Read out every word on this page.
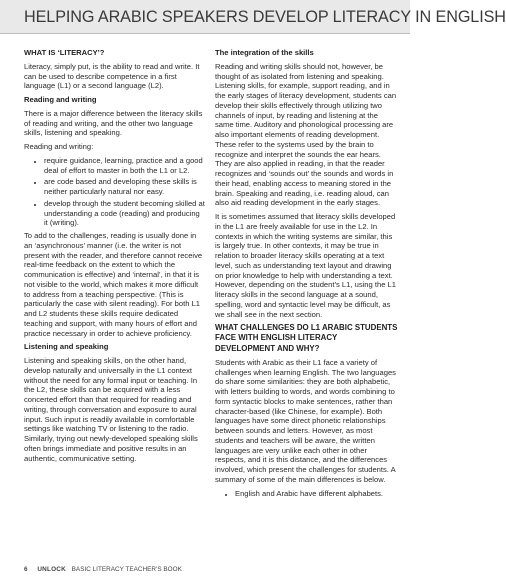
HELPING ARABIC SPEAKERS DEVELOP LITERACY IN ENGLISH

WHAT IS ‘LITERACY’?

Literacy, simply put, is the ability to read and write. It can be used to describe competence in a first language (L1) or a second language (L2).

Reading and writing

There is a major difference between the literacy skills of reading and writing, and the other two language skills, listening and speaking.

Reading and writing:

• require guidance, learning, practice and a good deal of effort to master in both the L1 or L2.
• are code based and developing these skills is neither particularly natural nor easy.
• develop through the student becoming skilled at understanding a code (reading) and producing it (writing).

To add to the challenges, reading is usually done in an ‘asynchronous’ manner (i.e. the writer is not present with the reader, and therefore cannot receive real-time feedback on the extent to which the communication is effective) and ‘internal’, in that it is not visible to the world, which makes it more difficult to address from a teaching perspective. (This is particularly the case with silent reading). For both L1 and L2 students these skills require dedicated teaching and support, with many hours of effort and practice necessary in order to achieve proficiency.

Listening and speaking

Listening and speaking skills, on the other hand, develop naturally and universally in the L1 context without the need for any formal input or teaching. In the L2, these skills can be acquired with a less concerted effort than that required for reading and writing, through conversation and exposure to aural input. Such input is readily available in comfortable settings like watching TV or listening to the radio. Similarly, trying out newly-developed speaking skills often brings immediate and positive results in an authentic, communicative setting.

The integration of the skills

Reading and writing skills should not, however, be thought of as isolated from listening and speaking. Listening skills, for example, support reading, and in the early stages of literacy development, students can develop their skills effectively through utilizing two channels of input, by reading and listening at the same time. Auditory and phonological processing are also important elements of reading development. These refer to the systems used by the brain to recognize and interpret the sounds the ear hears. They are also applied in reading, in that the reader recognizes and ‘sounds out’ the sounds and words in their head, enabling access to meaning stored in the brain. Speaking and reading, i.e. reading aloud, can also aid reading development in the early stages.

It is sometimes assumed that literacy skills developed in the L1 are freely available for use in the L2. In contexts in which the writing systems are similar, this is largely true. In other contexts, it may be true in relation to broader literacy skills operating at a text level, such as understanding text layout and drawing on prior knowledge to help with understanding a text. However, depending on the student’s L1, using the L1 literacy skills in the second language at a sound, spelling, word and syntactic level may be difficult, as we shall see in the next section.

WHAT CHALLENGES DO L1 ARABIC STUDENTS FACE WITH ENGLISH LITERACY DEVELOPMENT AND WHY?

Students with Arabic as their L1 face a variety of challenges when learning English. The two languages do share some similarities: they are both alphabetic, with letters building to words, and words combining to form syntactic blocks to make sentences, rather than character-based (like Chinese, for example). Both languages have some direct phonetic relationships between sounds and letters. However, as most students and teachers will be aware, the written languages are very unlike each other in other respects, and it is this distance, and the differences involved, which present the challenges for students. A summary of some of the main differences is below.

• English and Arabic have different alphabets.
6 UNLOCK BASIC LITERACY TEACHER’S BOOK
